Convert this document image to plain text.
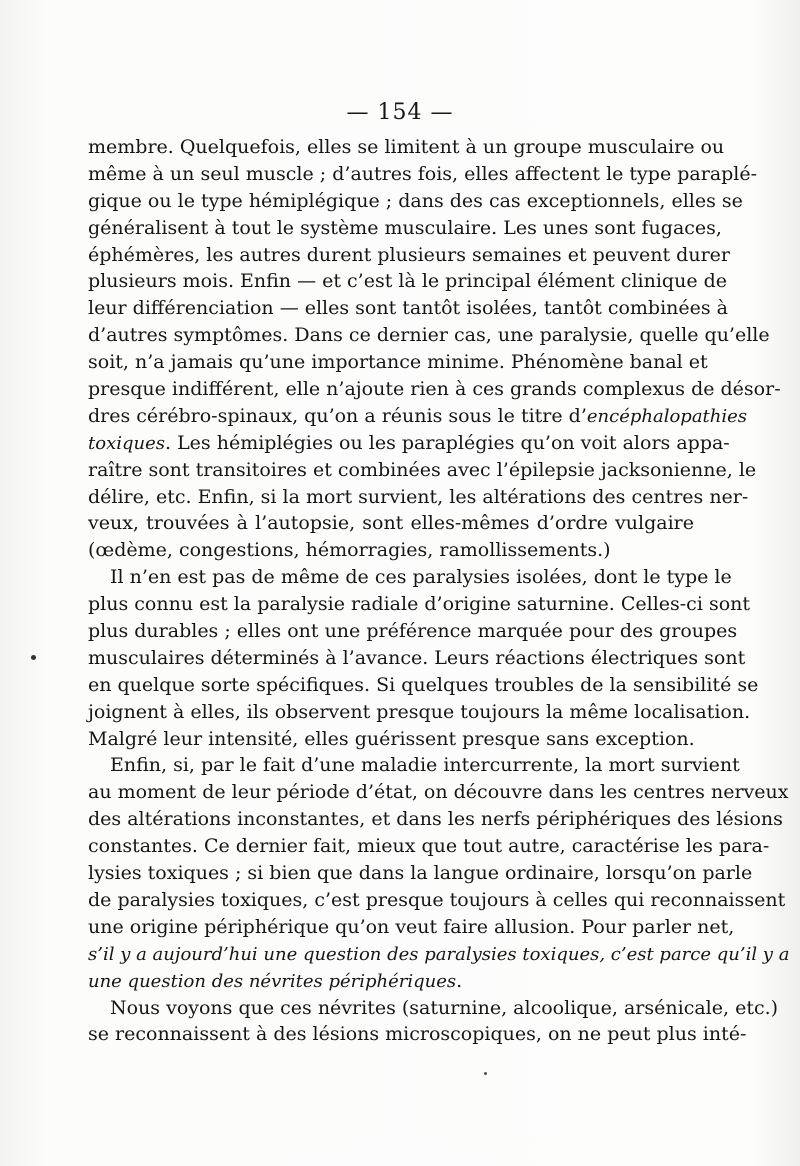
— 154 —
membre. Quelquefois, elles se limitent à un groupe musculaire ou
même à un seul muscle ; d’autres fois, elles affectent le type paraplé-
gique ou le type hémiplégique ; dans des cas exceptionnels, elles se
généralisent à tout le système musculaire. Les unes sont fugaces,
éphémères, les autres durent plusieurs semaines et peuvent durer
plusieurs mois. Enfin — et c’est là le principal élément clinique de
leur différenciation — elles sont tantôt isolées, tantôt combinées à
d’autres symptômes. Dans ce dernier cas, une paralysie, quelle qu’elle
soit, n’a jamais qu’une importance minime. Phénomène banal et
presque indifférent, elle n’ajoute rien à ces grands complexus de désor-
dres cérébro-spinaux, qu’on a réunis sous le titre d’encéphalopathies
toxiques. Les hémiplégies ou les paraplégies qu’on voit alors appa-
raître sont transitoires et combinées avec l’épilepsie jacksonienne, le
délire, etc. Enfin, si la mort survient, les altérations des centres ner-
veux, trouvées à l’autopsie, sont elles-mêmes d’ordre vulgaire
(œdème, congestions, hémorragies, ramollissements.)
Il n’en est pas de même de ces paralysies isolées, dont le type le
plus connu est la paralysie radiale d’origine saturnine. Celles-ci sont
plus durables ; elles ont une préférence marquée pour des groupes
musculaires déterminés à l’avance. Leurs réactions électriques sont
en quelque sorte spécifiques. Si quelques troubles de la sensibilité se
joignent à elles, ils observent presque toujours la même localisation.
Malgré leur intensité, elles guérissent presque sans exception.
Enfin, si, par le fait d’une maladie intercurrente, la mort survient
au moment de leur période d’état, on découvre dans les centres nerveux
des altérations inconstantes, et dans les nerfs périphériques des lésions
constantes. Ce dernier fait, mieux que tout autre, caractérise les para-
lysies toxiques ; si bien que dans la langue ordinaire, lorsqu’on parle
de paralysies toxiques, c’est presque toujours à celles qui reconnaissent
une origine périphérique qu’on veut faire allusion. Pour parler net,
s’il y a aujourd’hui une question des paralysies toxiques, c’est parce qu’il y a
une question des névrites périphériques.
Nous voyons que ces névrites (saturnine, alcoolique, arsénicale, etc.)
se reconnaissent à des lésions microscopiques, on ne peut plus inté-
